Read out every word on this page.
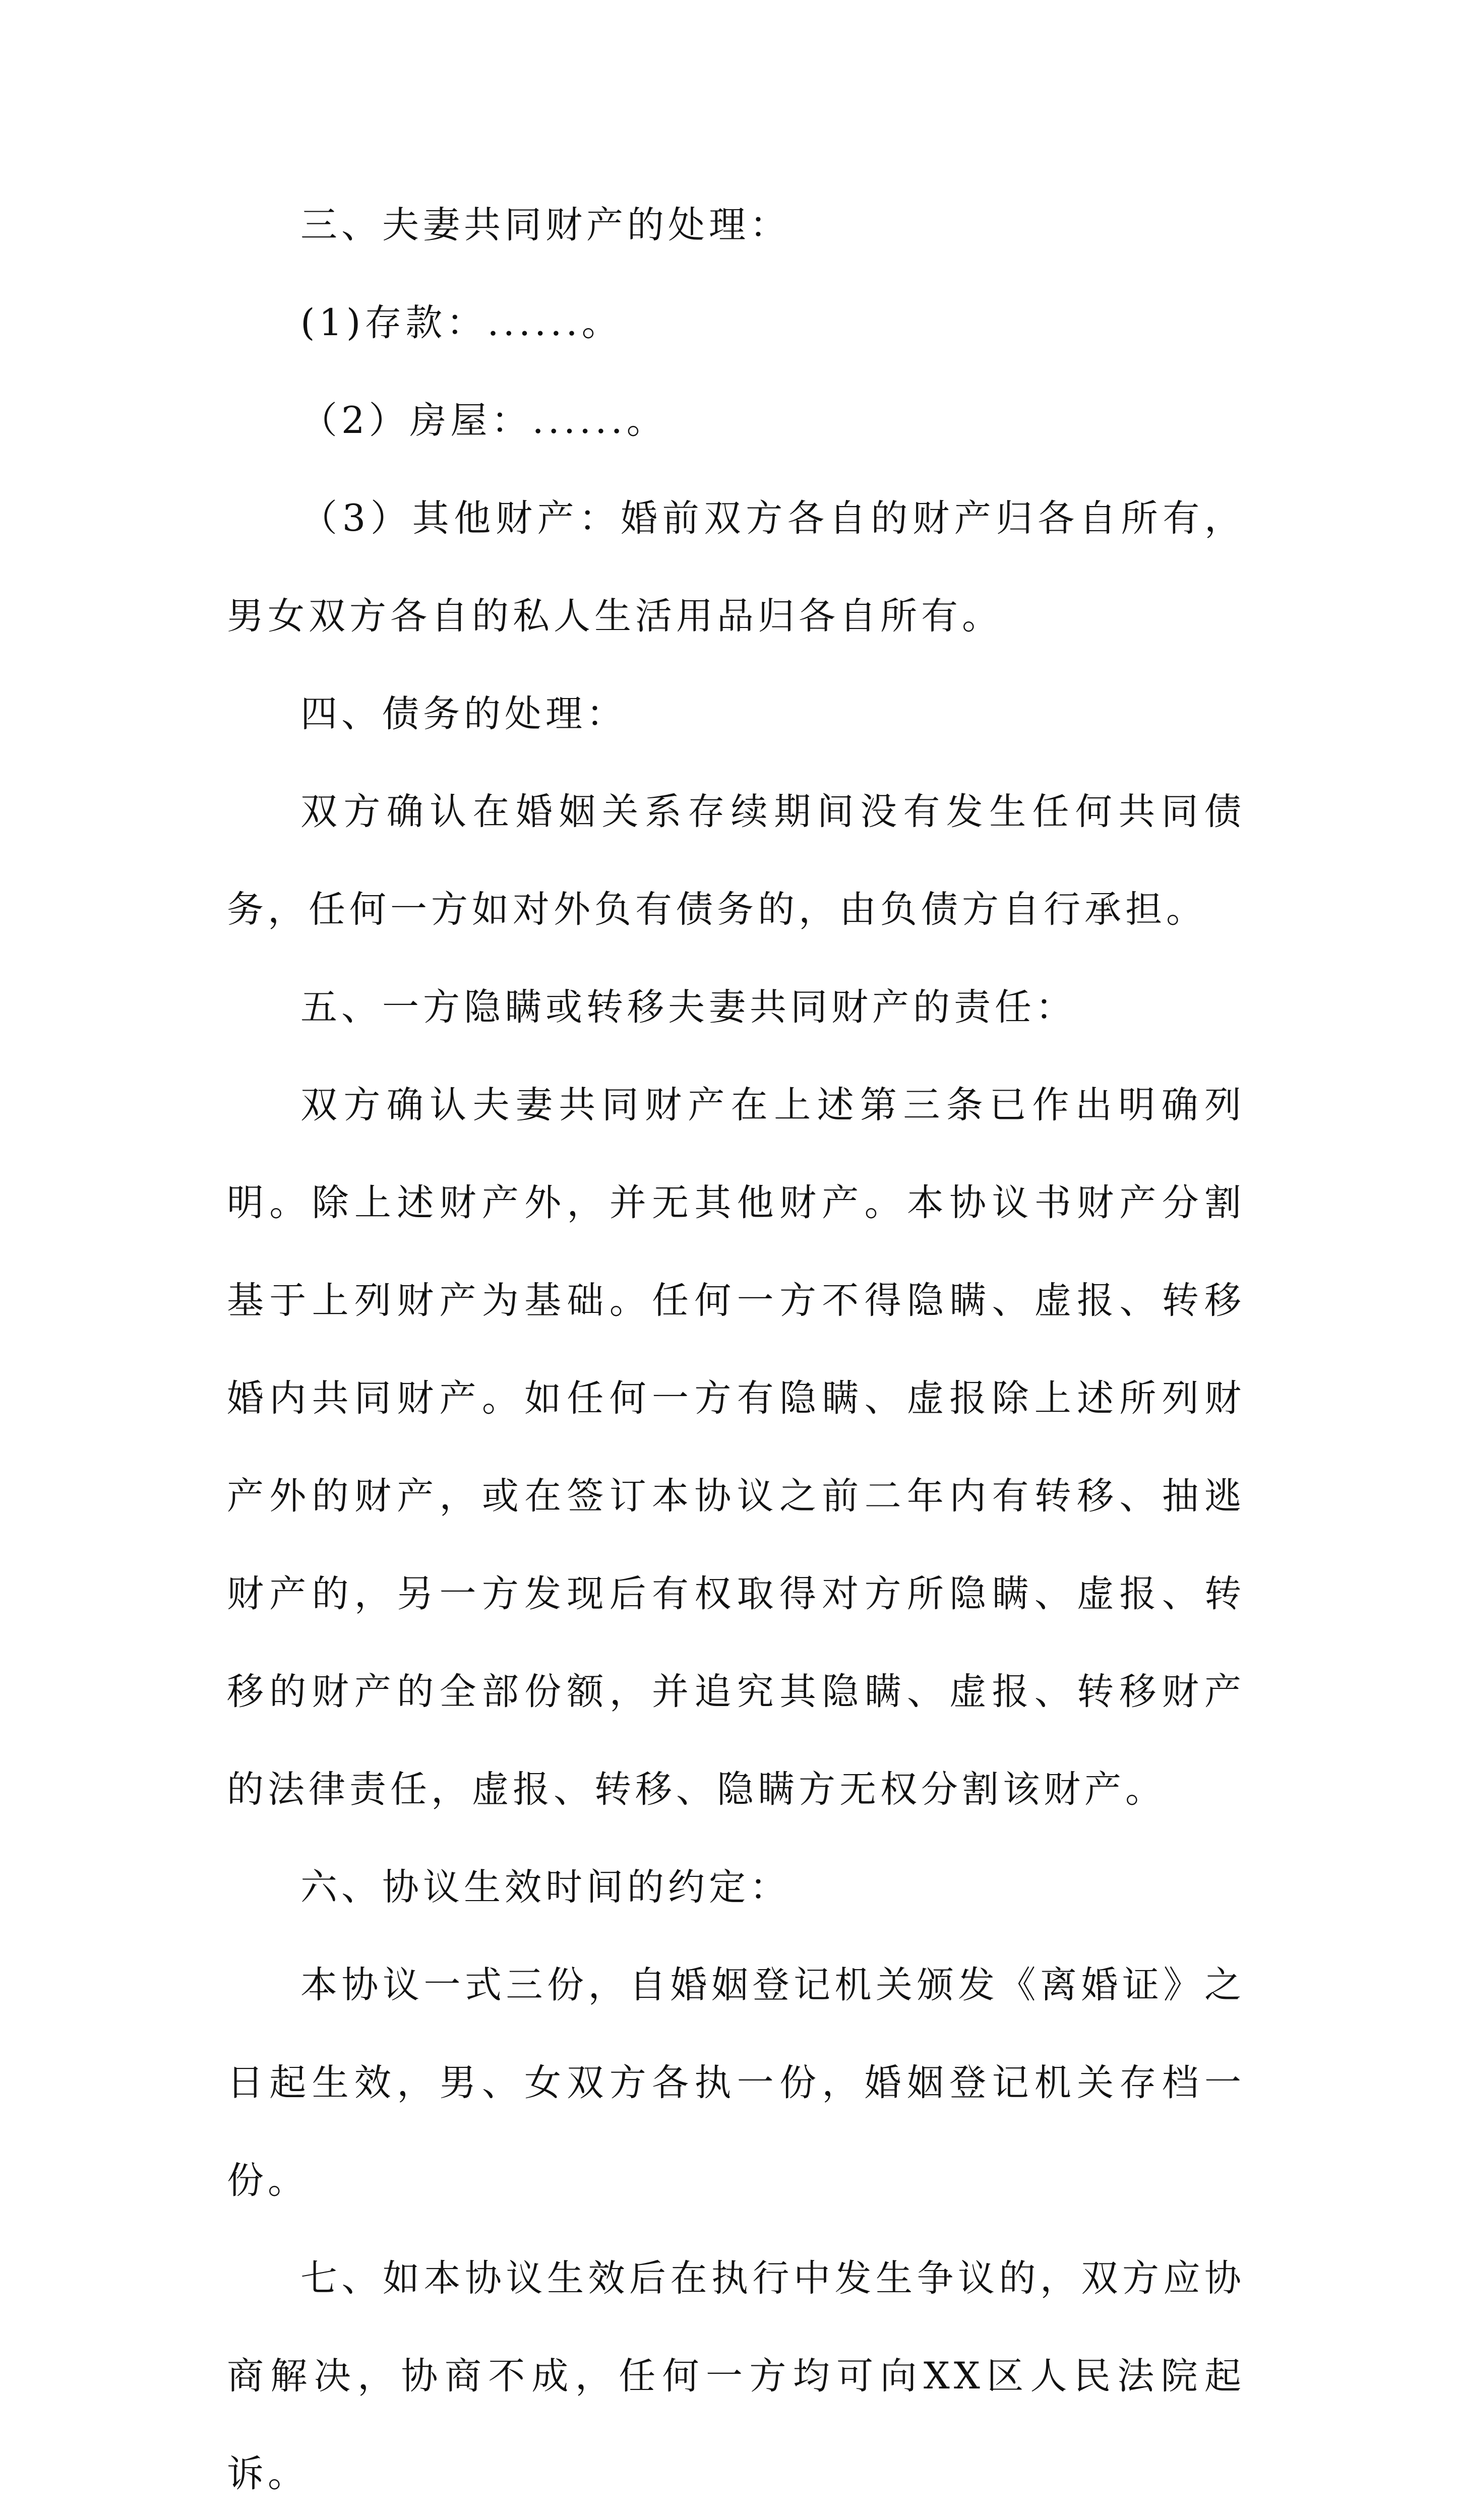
三、夫妻共同财产的处理：

(1)存款：......。

（2）房屋：......。

（3）其他财产：婚前双方各自的财产归各自所有，男女双方各自的私人生活用品归各自所有。

四、债务的处理：

双方确认在婚姻关系存续期间没有发生任何共同债务，任何一方如对外负有债务的，由负债方自行承担。

五、一方隐瞒或转移夫妻共同财产的责任：

双方确认夫妻共同财产在上述第三条已作出明确列明。除上述财产外，并无其他财产。本协议书财产分割基于上列财产为基础。任何一方不得隐瞒、虚报、转移婚内共同财产。如任何一方有隐瞒、虚报除上述所列财产外的财产，或在签订本协议之前二年内有转移、抽逃财产的，另一方发现后有权取得对方所隐瞒、虚报、转移的财产的全部份额，并追究其隐瞒、虚报、转移财产的法律责任，虚报、转移、隐瞒方无权分割该财产。

六、协议生效时间的约定：

本协议一式三份，自婚姻登记机关颁发《离婚证》之日起生效，男、女双方各执一份，婚姻登记机关存档一份。

七、如本协议生效后在执行中发生争议的，双方应协商解决，协商不成，任何一方均可向XX区人民法院起诉。
